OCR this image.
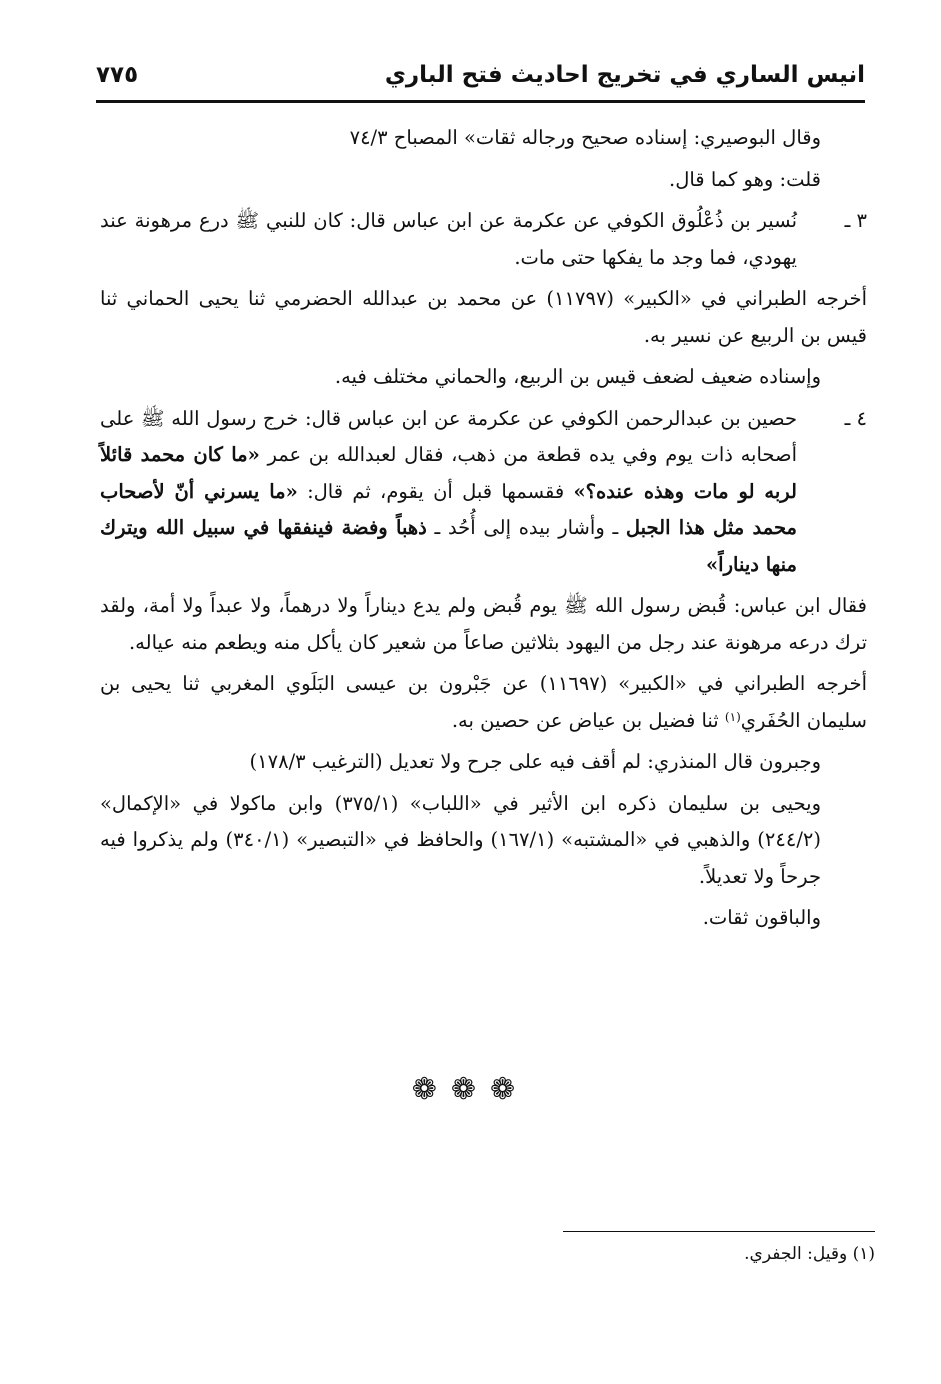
انيس الساري في تخريج احاديث فتح الباري
٧٧٥

وقال البوصيري: إسناده صحيح ورجاله ثقات» المصباح ٧٤/٣

قلت: وهو كما قال.

٣ ـ
نُسير بن ذُعْلُوق الكوفي عن عكرمة عن ابن عباس قال: كان للنبي ﷺ درع مرهونة عند يهودي، فما وجد ما يفكها حتى مات.

أخرجه الطبراني في «الكبير» (١١٧٩٧) عن محمد بن عبدالله الحضرمي ثنا يحيى الحماني ثنا قيس بن الربيع عن نسير به.

وإسناده ضعيف لضعف قيس بن الربيع، والحماني مختلف فيه.

٤ ـ
حصين بن عبدالرحمن الكوفي عن عكرمة عن ابن عباس قال: خرج رسول الله ﷺ على أصحابه ذات يوم وفي يده قطعة من ذهب، فقال لعبدالله بن عمر «ما كان محمد قائلاً لربه لو مات وهذه عنده؟» فقسمها قبل أن يقوم، ثم قال: «ما يسرني أنّ لأصحاب محمد مثل هذا الجبل ـ وأشار بيده إلى أُحُد ـ ذهباً وفضة فينفقها في سبيل الله ويترك منها ديناراً»

فقال ابن عباس: قُبض رسول الله ﷺ يوم قُبض ولم يدع ديناراً ولا درهماً، ولا عبداً ولا أمة، ولقد ترك درعه مرهونة عند رجل من اليهود بثلاثين صاعاً من شعير كان يأكل منه ويطعم منه عياله.

أخرجه الطبراني في «الكبير» (١١٦٩٧) عن جَبْرون بن عيسى البَلَوي المغربي ثنا يحيى بن سليمان الحُفَري$^{(١)}$ ثنا فضيل بن عياض عن حصين به.

وجبرون قال المنذري: لم أقف فيه على جرح ولا تعديل (الترغيب ١٧٨/٣)

ويحيى بن سليمان ذكره ابن الأثير في «اللباب» (٣٧٥/١) وابن ماكولا في «الإكمال» (٢٤٤/٢) والذهبي في «المشتبه» (١٦٧/١) والحافظ في «التبصير» (٣٤٠/١) ولم يذكروا فيه جرحاً ولا تعديلاً.

والباقون ثقات.

❁❁❁
(١) وقيل: الجفري.
